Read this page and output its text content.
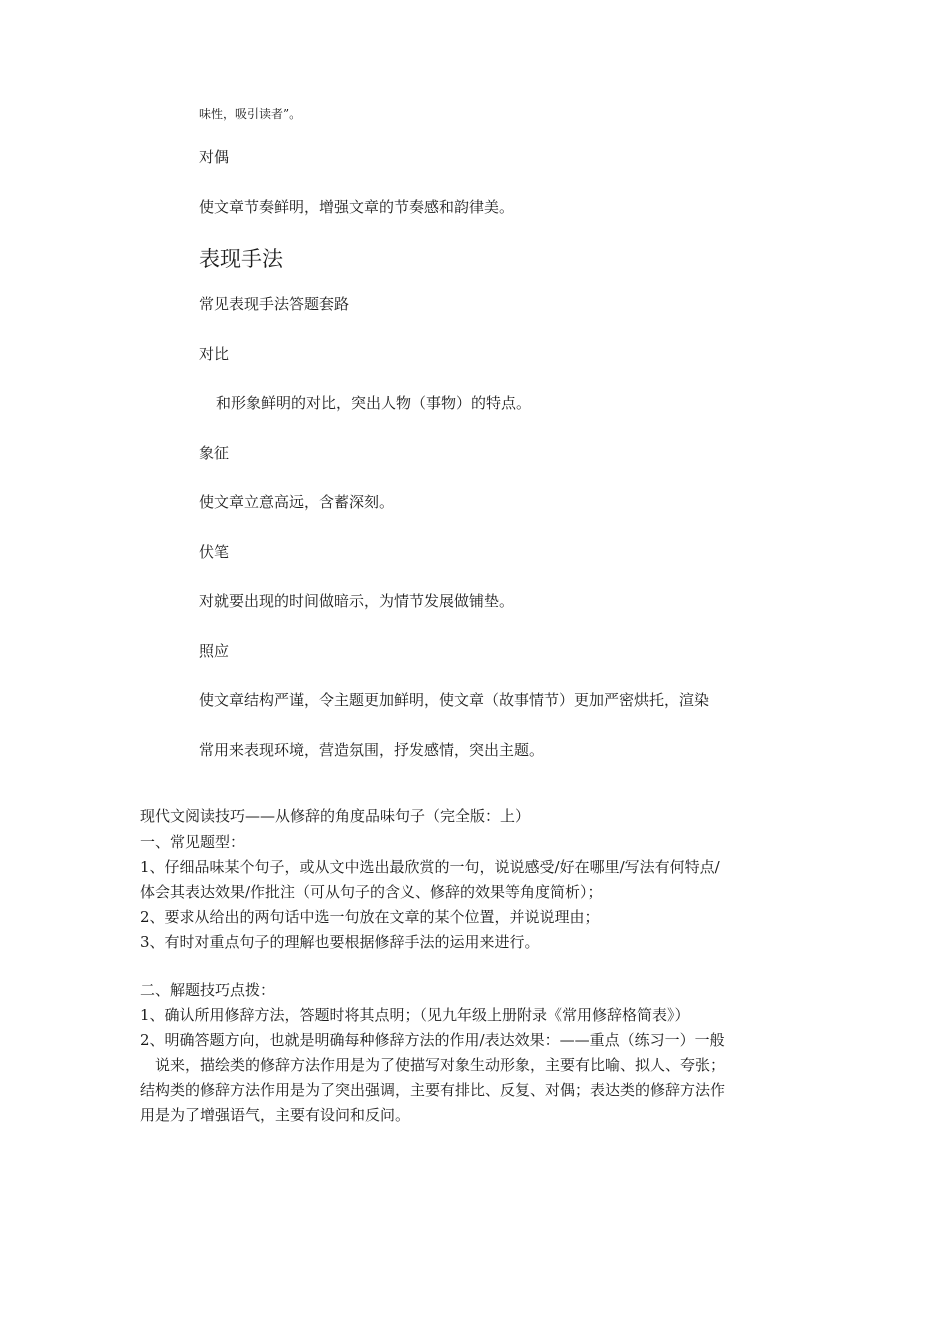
味性，吸引读者”。
对偶
使文章节奏鲜明，增强文章的节奏感和韵律美。
表现手法
常见表现手法答题套路
对比
和形象鲜明的对比，突出人物（事物）的特点。
象征
使文章立意高远，含蓄深刻。
伏笔
对就要出现的时间做暗示，为情节发展做铺垫。
照应
使文章结构严谨，令主题更加鲜明，使文章（故事情节）更加严密烘托，渲染
常用来表现环境，营造氛围，抒发感情，突出主题。
现代文阅读技巧——从修辞的角度品味句子（完全版：上）
一、常见题型：
1、仔细品味某个句子，或从文中选出最欣赏的一句，说说感受/好在哪里/写法有何特点/
体会其表达效果/作批注（可从句子的含义、修辞的效果等角度简析）；
2、要求从给出的两句话中选一句放在文章的某个位置，并说说理由；
3、有时对重点句子的理解也要根据修辞手法的运用来进行。
二、解题技巧点拨：
1、确认所用修辞方法，答题时将其点明；（见九年级上册附录《常用修辞格简表》）
2、明确答题方向，也就是明确每种修辞方法的作用/表达效果：——重点（练习一）一般
说来，描绘类的修辞方法作用是为了使描写对象生动形象，主要有比喻、拟人、夸张；
结构类的修辞方法作用是为了突出强调，主要有排比、反复、对偶；表达类的修辞方法作
用是为了增强语气，主要有设问和反问。
